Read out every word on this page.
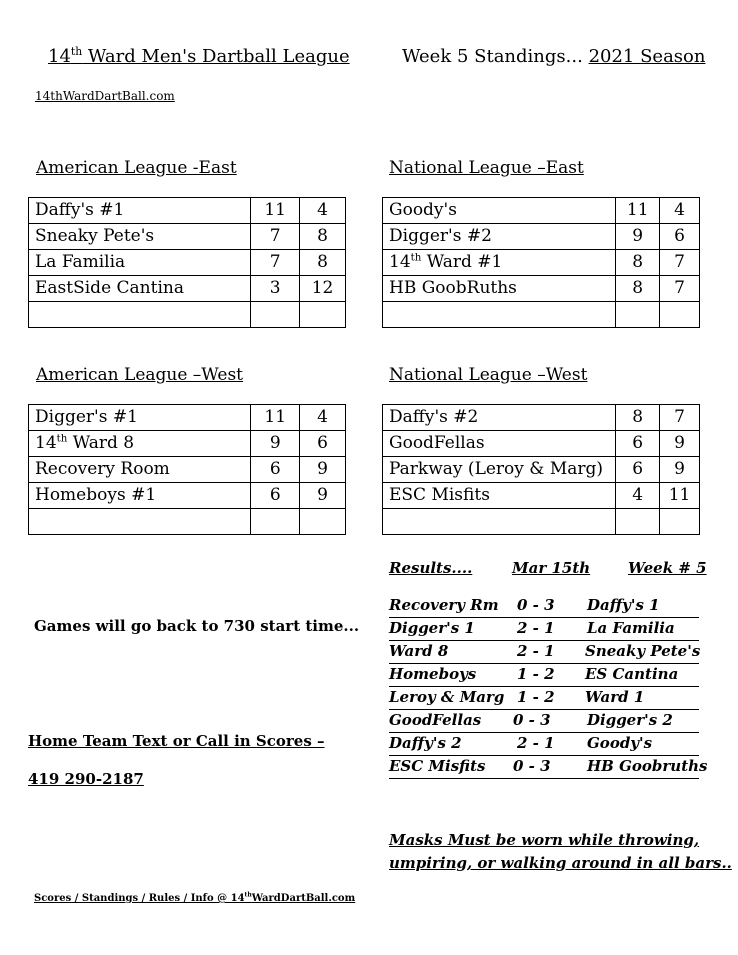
14th Ward Men's Dartball League	Week 5 Standings... 2021 Season
14thWardDartBall.com
American League -East
Daffy's #1	11	4
Sneaky Pete's	7	8
La Familia	7	8
EastSide Cantina	3	12

National League –East
Goody's	11	4
Digger's #2	9	6
14th Ward #1	8	7
HB GoobRuths	8	7

American League –West
Digger's #1	11	4
14th Ward 8	9	6
Recovery Room	6	9
Homeboys #1	6	9

National League –West
Daffy's #2	8	7
GoodFellas	6	9
Parkway (Leroy & Marg)	6	9
ESC Misfits	4	11

Results....	Mar 15th	Week # 5
Recovery Rm 0 - 3 Daffy's 1
Digger's 1	2 - 1 La Familia
Ward 8	2 - 1 Sneaky Pete's
Homeboys	1 - 2 ES Cantina
Leroy & Marg 1 - 2 Ward 1
GoodFellas 0 - 3 Digger's 2
Daffy's 2	2 - 1 Goody's
ESC Misfits 0 - 3 HB Goobruths
Games will go back to 730 start time...
Home Team Text or Call in Scores –
419 290-2187
Masks Must be worn while throwing,
umpiring, or walking around in all bars..
Scores / Standings / Rules / Info @ 14thWardDartBall.com
